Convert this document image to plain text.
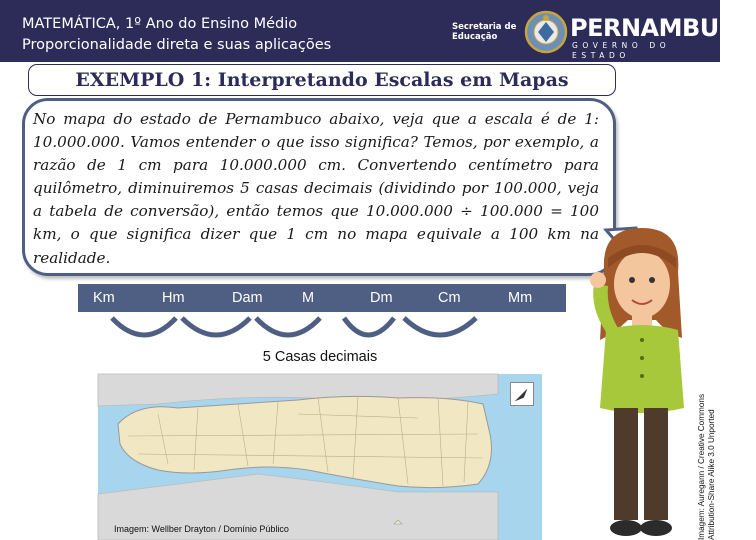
MATEMÁTICA, 1º Ano do Ensino Médio
Proporcionalidade direta e suas aplicações
Secretaria de
Educação	PERNAMBUCO
GOVERNO DO ESTADO
EXEMPLO 1: Interpretando Escalas em Mapas
No mapa do estado de Pernambuco abaixo, veja que a escala é de 1: 10.000.000. Vamos entender o que isso significa? Temos, por exemplo, a razão de 1 cm para 10.000.000 cm. Convertendo centímetro para quilômetro, diminuiremos 5 casas decimais (dividindo por 100.000, veja a tabela de conversão), então temos que 10.000.000 ÷ 100.000 = 100 km, o que significa dizer que 1 cm no mapa equivale a 100 km na realidade.
Km	Hm	Dam	M	Dm	Cm	Mm
5 Casas decimais
Imagem: Wellber Drayton / Domínio Público	Imagem: Auregann / Creative Commons Attribution-Share Alike 3.0 Unported
